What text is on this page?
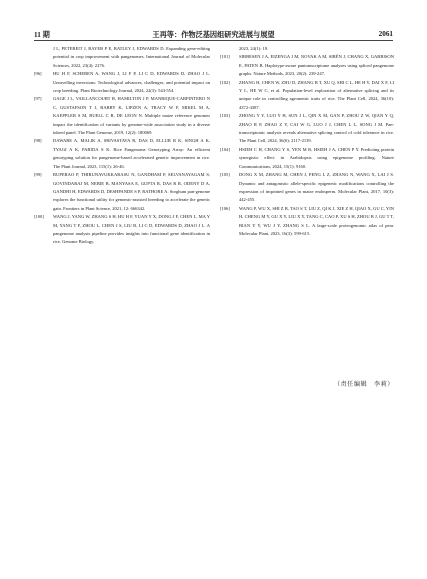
11 期	王再等：作物泛基因组研究进展与展望	2061
J L, PETEREIT J, BAYER P E, BATLEY J, EDWARDS D. Expanding gene-editing potential in crop improvement with pangenomes. International Journal of Molecular Sciences, 2022, 23(4): 2276.
[96]	HU H F, SCHEBEN A, WANG J, LI F P, LI C D, EDWARDS D, ZHAO J L. Unravelling inversions: Technological advances, challenges, and potential impact on crop breeding. Plant Biotechnology Journal, 2024, 22(3): 544-554.
[97]	GAGE J L, VAILLANCOURT B, HAMILTON J P, MANRIQUE-CARPINTERO N C, GUSTAFSON T J, BARRY K, LIPZEN A, TRACY W F, MIKEL M A, KAEPPLER S M, BUELL C R, DE LEON N. Multiple maize reference genomes impact the identification of variants by genome-wide association study in a diverse inbred panel. The Plant Genome, 2019, 12(2): 180069.
[98]	DAWARE A, MALIK A, SRIVASTAVA R, DAS D, ELLUR R K, SINGH A K, TYAGI A K, PARIDA S K. Rice Pangenome Genotyping Array: An efficient genotyping solution for pangenome-based accelerated genetic improvement in rice. The Plant Journal, 2023, 115(1): 26-46.
[99]	RUPERAO P, THIRUNAVUKKARASU N, GANDHAM P, SELVANAYAGAM S, GOVINDARAJ M, NEBIE B, MANYASA E, GUPTA R, DAS R R, ODENY D A, GANDHI H, EDWARDS D, DESHPANDE S P, RATHORE A. Sorghum pan-genome explores the functional utility for genomic-assisted breeding to accelerate the genetic gain. Frontiers in Plant Science, 2021, 12: 666342.
[100] WANG J, YANG W, ZHANG S H, HU H F, YUAN Y X, DONG J F, CHEN L, MA Y M, YANG T F, ZHOU L, CHEN J S, LIU B, LI C D, EDWARDS D, ZHAO J L. A pangenome analysis pipeline provides insights into functional gene identification in rice. Genome Biology,
2023, 24(1): 19.
[101] SIBBESEN J A, EIZENGA J M, NOVAK A M, SIRÉN J, CHANG X, GARRISON E, PATEN B. Haplotype-aware pantranscriptome analyses using spliced pangenome graphs. Nature Methods, 2023, 20(2): 239-247.
[102] ZHANG H, CHEN W, ZHU D, ZHANG B T, XU Q, SHI C L, HE H Y, DAI X F, LI Y L, HE W C, et al. Population-level exploration of alternative splicing and its unique role in controlling agronomic traits of rice. The Plant Cell, 2024, 36(10): 4372-4387.
[103] ZHONG Y Y, LUO Y H, SUN J L, QIN X M, GAN P, ZHOU Z W, QIAN Y Q, ZHAO R P, ZHAO Z Y, CAI W G, LUO J J, CHEN L L, SONG J M. Pan-transcriptomic analysis reveals alternative splicing control of cold tolerance in rice. The Plant Cell, 2024, 36(6): 2117-2139.
[104] HSIEH C H, CHANG Y S, YEN M R, HSIEH J A, CHEN P Y. Predicting protein synergistic effect in Arabidopsis using epigenome profiling. Nature Communications, 2024, 15(1): 9160.
[105] DONG X M, ZHANG M, CHEN J, PENG L Z, ZHANG N, WANG X, LAI J S. Dynamic and antagonistic allele-specific epigenetic modifications controlling the expression of imprinted genes in maize endosperm. Molecular Plant, 2017, 10(3): 442-455.
[106] WANG P, WU X, SHI Z B, TAO S T, LIU Z, QI K J, XIE Z H, QIAO X, GU C, YIN H, CHENG M Y, GU X Y, LIU X Y, TANG C, CAO P, XU S H, ZHOU B J, GU T T, BIAN Y Y, WU J Y, ZHANG S L. A large-scale proteogenomic atlas of pear. Molecular Plant, 2023, 16(3): 599-615.
（责任编辑　李莉）
